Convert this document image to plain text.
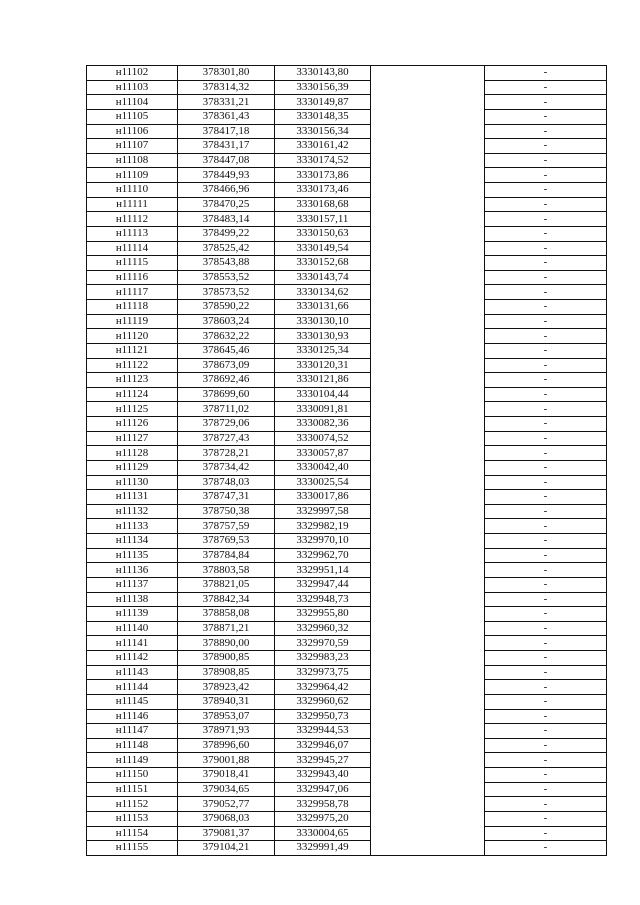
н11102	378301,80	3330143,80		-
н11103	378314,32	3330156,39		-
н11104	378331,21	3330149,87		-
н11105	378361,43	3330148,35		-
н11106	378417,18	3330156,34		-
н11107	378431,17	3330161,42		-
н11108	378447,08	3330174,52		-
н11109	378449,93	3330173,86		-
н11110	378466,96	3330173,46		-
н11111	378470,25	3330168,68		-
н11112	378483,14	3330157,11		-
н11113	378499,22	3330150,63		-
н11114	378525,42	3330149,54		-
н11115	378543,88	3330152,68		-
н11116	378553,52	3330143,74		-
н11117	378573,52	3330134,62		-
н11118	378590,22	3330131,66		-
н11119	378603,24	3330130,10		-
н11120	378632,22	3330130,93		-
н11121	378645,46	3330125,34		-
н11122	378673,09	3330120,31		-
н11123	378692,46	3330121,86		-
н11124	378699,60	3330104,44		-
н11125	378711,02	3330091,81		-
н11126	378729,06	3330082,36		-
н11127	378727,43	3330074,52		-
н11128	378728,21	3330057,87		-
н11129	378734,42	3330042,40		-
н11130	378748,03	3330025,54		-
н11131	378747,31	3330017,86		-
н11132	378750,38	3329997,58		-
н11133	378757,59	3329982,19		-
н11134	378769,53	3329970,10		-
н11135	378784,84	3329962,70		-
н11136	378803,58	3329951,14		-
н11137	378821,05	3329947,44		-
н11138	378842,34	3329948,73		-
н11139	378858,08	3329955,80		-
н11140	378871,21	3329960,32		-
н11141	378890,00	3329970,59		-
н11142	378900,85	3329983,23		-
н11143	378908,85	3329973,75		-
н11144	378923,42	3329964,42		-
н11145	378940,31	3329960,62		-
н11146	378953,07	3329950,73		-
н11147	378971,93	3329944,53		-
н11148	378996,60	3329946,07		-
н11149	379001,88	3329945,27		-
н11150	379018,41	3329943,40		-
н11151	379034,65	3329947,06		-
н11152	379052,77	3329958,78		-
н11153	379068,03	3329975,20		-
н11154	379081,37	3330004,65		-
н11155	379104,21	3329991,49		-
